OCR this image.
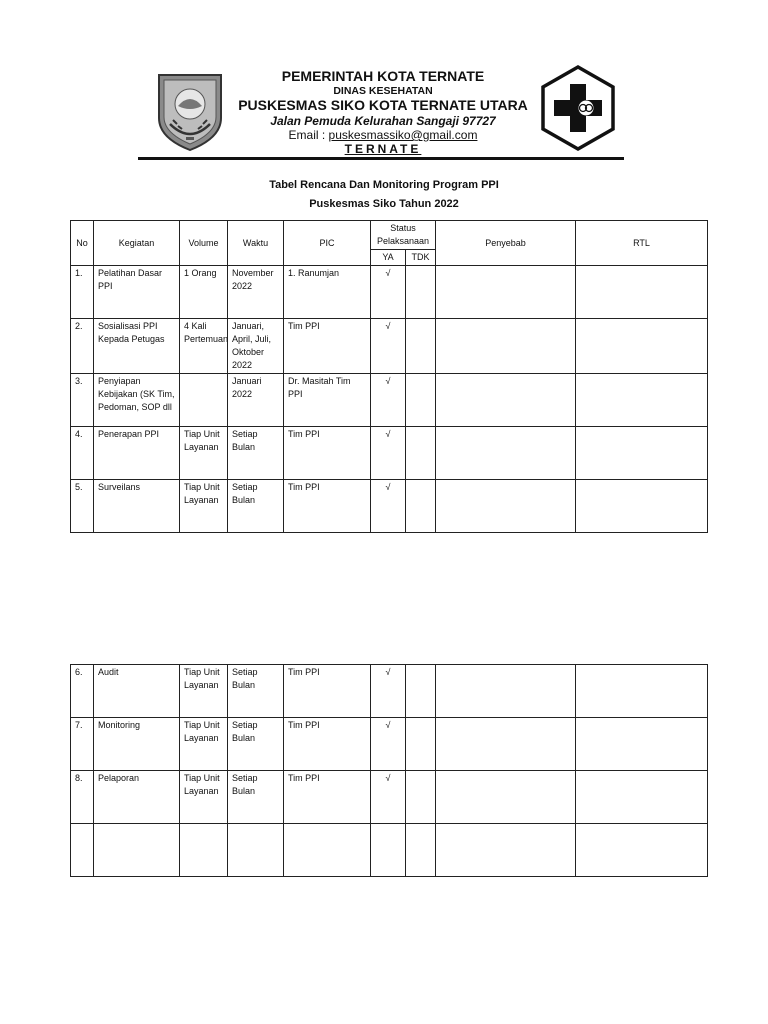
PEMERINTAH KOTA TERNATE
DINAS KESEHATAN
PUSKESMAS SIKO KOTA TERNATE UTARA
Jalan Pemuda Kelurahan Sangaji 97727
Email : puskesmassiko@gmail.com
TERNATE
Tabel Rencana Dan Monitoring Program PPI
Puskesmas Siko Tahun 2022
No	Kegiatan	Volume	Waktu	PIC	Status Pelaksanaan		Penyebab	RTL
					YA	TDK		
1.	Pelatihan Dasar PPI	1 Orang	November 2022	1. Ranumjan	√			
2.	Sosialisasi PPI Kepada Petugas	4 Kali Pertemuan	Januari, April, Juli, Oktober 2022	Tim PPI	√			
3.	Penyiapan Kebijakan (SK Tim, Pedoman, SOP dll		Januari 2022	Dr. Masitah Tim PPI	√			
4.	Penerapan PPI	Tiap Unit Layanan	Setiap Bulan	Tim PPI	√			
5.	Surveilans	Tiap Unit Layanan	Setiap Bulan	Tim PPI	√			
6.	Audit	Tiap Unit Layanan	Setiap Bulan	Tim PPI	√			
7.	Monitoring	Tiap Unit Layanan	Setiap Bulan	Tim PPI	√			
8.	Pelaporan	Tiap Unit Layanan	Setiap Bulan	Tim PPI	√			
